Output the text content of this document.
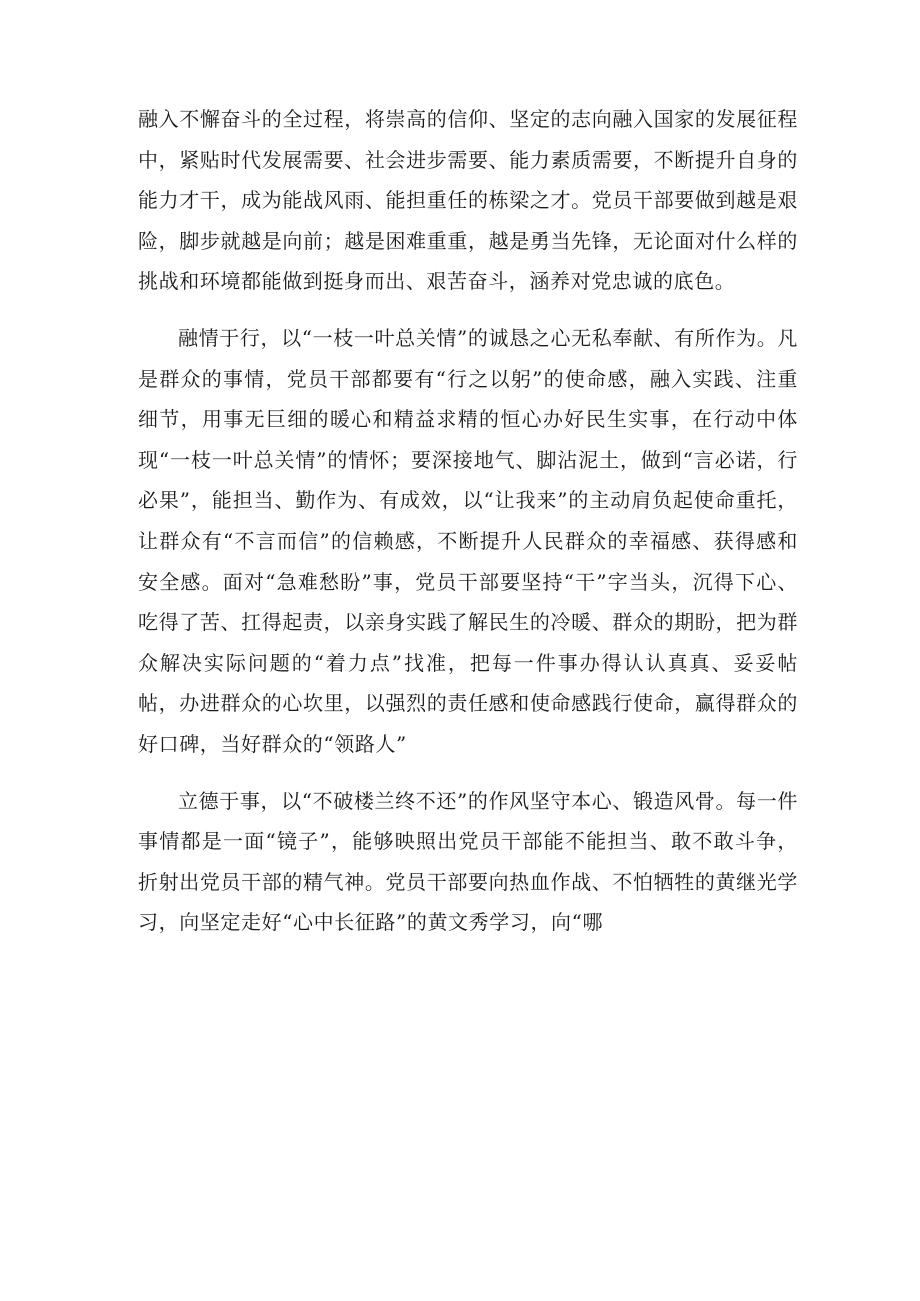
融入不懈奋斗的全过程，将崇高的信仰、坚定的志向融入国家的发展征程中，紧贴时代发展需要、社会进步需要、能力素质需要，不断提升自身的能力才干，成为能战风雨、能担重任的栋梁之才。党员干部要做到越是艰险，脚步就越是向前；越是困难重重，越是勇当先锋，无论面对什么样的挑战和环境都能做到挺身而出、艰苦奋斗，涵养对党忠诚的底色。

融情于行，以“一枝一叶总关情”的诚恳之心无私奉献、有所作为。凡是群众的事情，党员干部都要有“行之以躬”的使命感，融入实践、注重细节，用事无巨细的暖心和精益求精的恒心办好民生实事，在行动中体现“一枝一叶总关情”的情怀；要深接地气、脚沾泥土，做到“言必诺，行必果”，能担当、勤作为、有成效，以“让我来”的主动肩负起使命重托，让群众有“不言而信”的信赖感，不断提升人民群众的幸福感、获得感和安全感。面对“急难愁盼”事，党员干部要坚持“干”字当头，沉得下心、吃得了苦、扛得起责，以亲身实践了解民生的冷暖、群众的期盼，把为群众解决实际问题的“着力点”找准，把每一件事办得认认真真、妥妥帖帖，办进群众的心坎里，以强烈的责任感和使命感践行使命，赢得群众的好口碑，当好群众的“领路人”

立德于事，以“不破楼兰终不还”的作风坚守本心、锻造风骨。每一件事情都是一面“镜子”，能够映照出党员干部能不能担当、敢不敢斗争，折射出党员干部的精气神。党员干部要向热血作战、不怕牺牲的黄继光学习，向坚定走好“心中长征路”的黄文秀学习，向“哪
